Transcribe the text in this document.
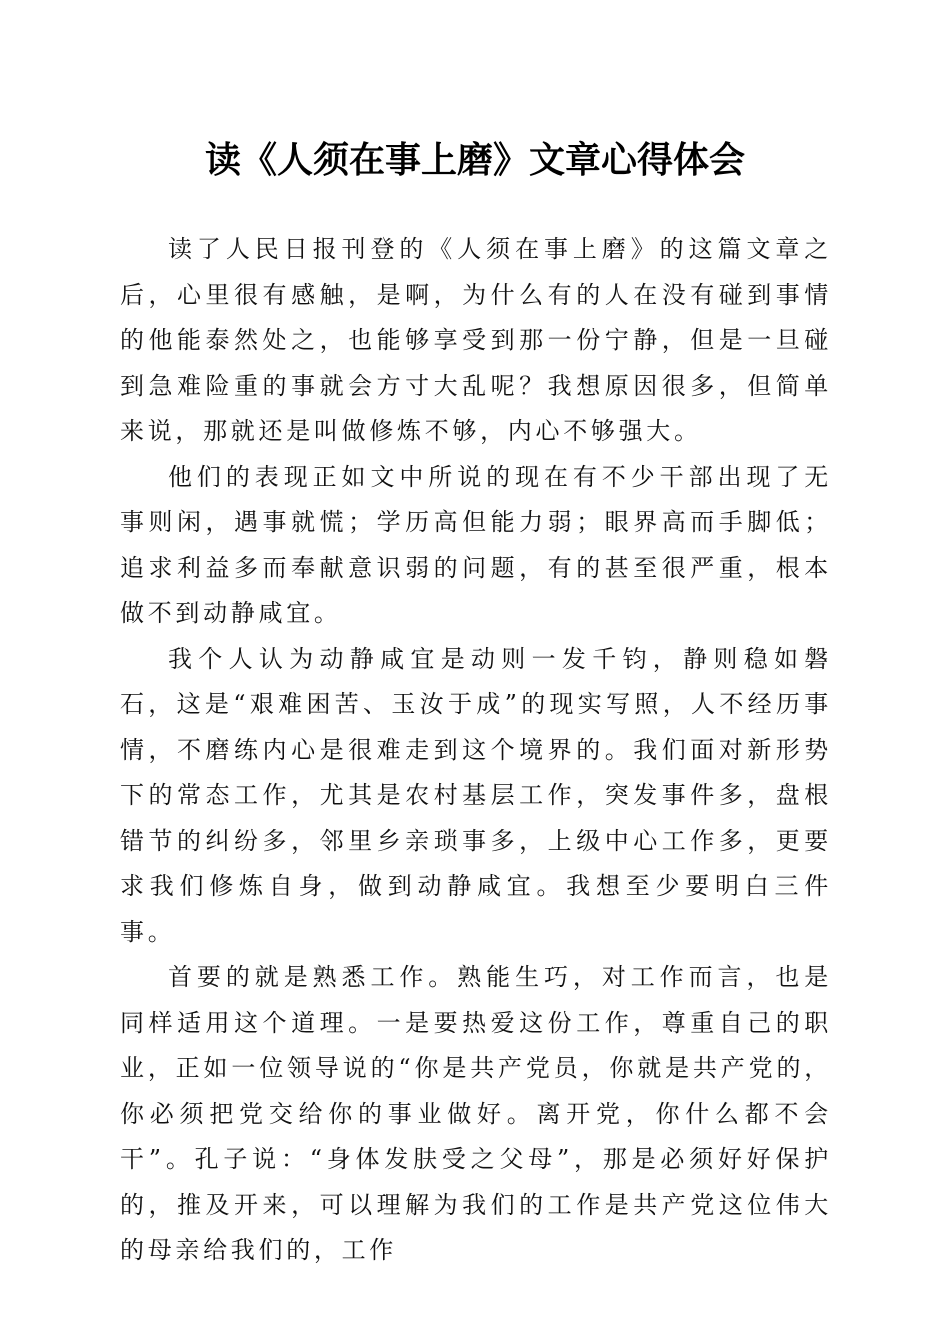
读《人须在事上磨》文章心得体会

读了人民日报刊登的《人须在事上磨》的这篇文章之后，心里很有感触，是啊，为什么有的人在没有碰到事情的他能泰然处之，也能够享受到那一份宁静，但是一旦碰到急难险重的事就会方寸大乱呢？我想原因很多，但简单来说，那就还是叫做修炼不够，内心不够强大。

他们的表现正如文中所说的现在有不少干部出现了无事则闲，遇事就慌；学历高但能力弱；眼界高而手脚低；追求利益多而奉献意识弱的问题，有的甚至很严重，根本做不到动静咸宜。

我个人认为动静咸宜是动则一发千钧，静则稳如磐石，这是“艰难困苦、玉汝于成”的现实写照，人不经历事情，不磨练内心是很难走到这个境界的。我们面对新形势下的常态工作，尤其是农村基层工作，突发事件多，盘根错节的纠纷多，邻里乡亲琐事多，上级中心工作多，更要求我们修炼自身，做到动静咸宜。我想至少要明白三件事。

首要的就是熟悉工作。熟能生巧，对工作而言，也是同样适用这个道理。一是要热爱这份工作，尊重自己的职业，正如一位领导说的“你是共产党员，你就是共产党的，你必须把党交给你的事业做好。离开党，你什么都不会干”。孔子说：“身体发肤受之父母”，那是必须好好保护的，推及开来，可以理解为我们的工作是共产党这位伟大的母亲给我们的，工作
